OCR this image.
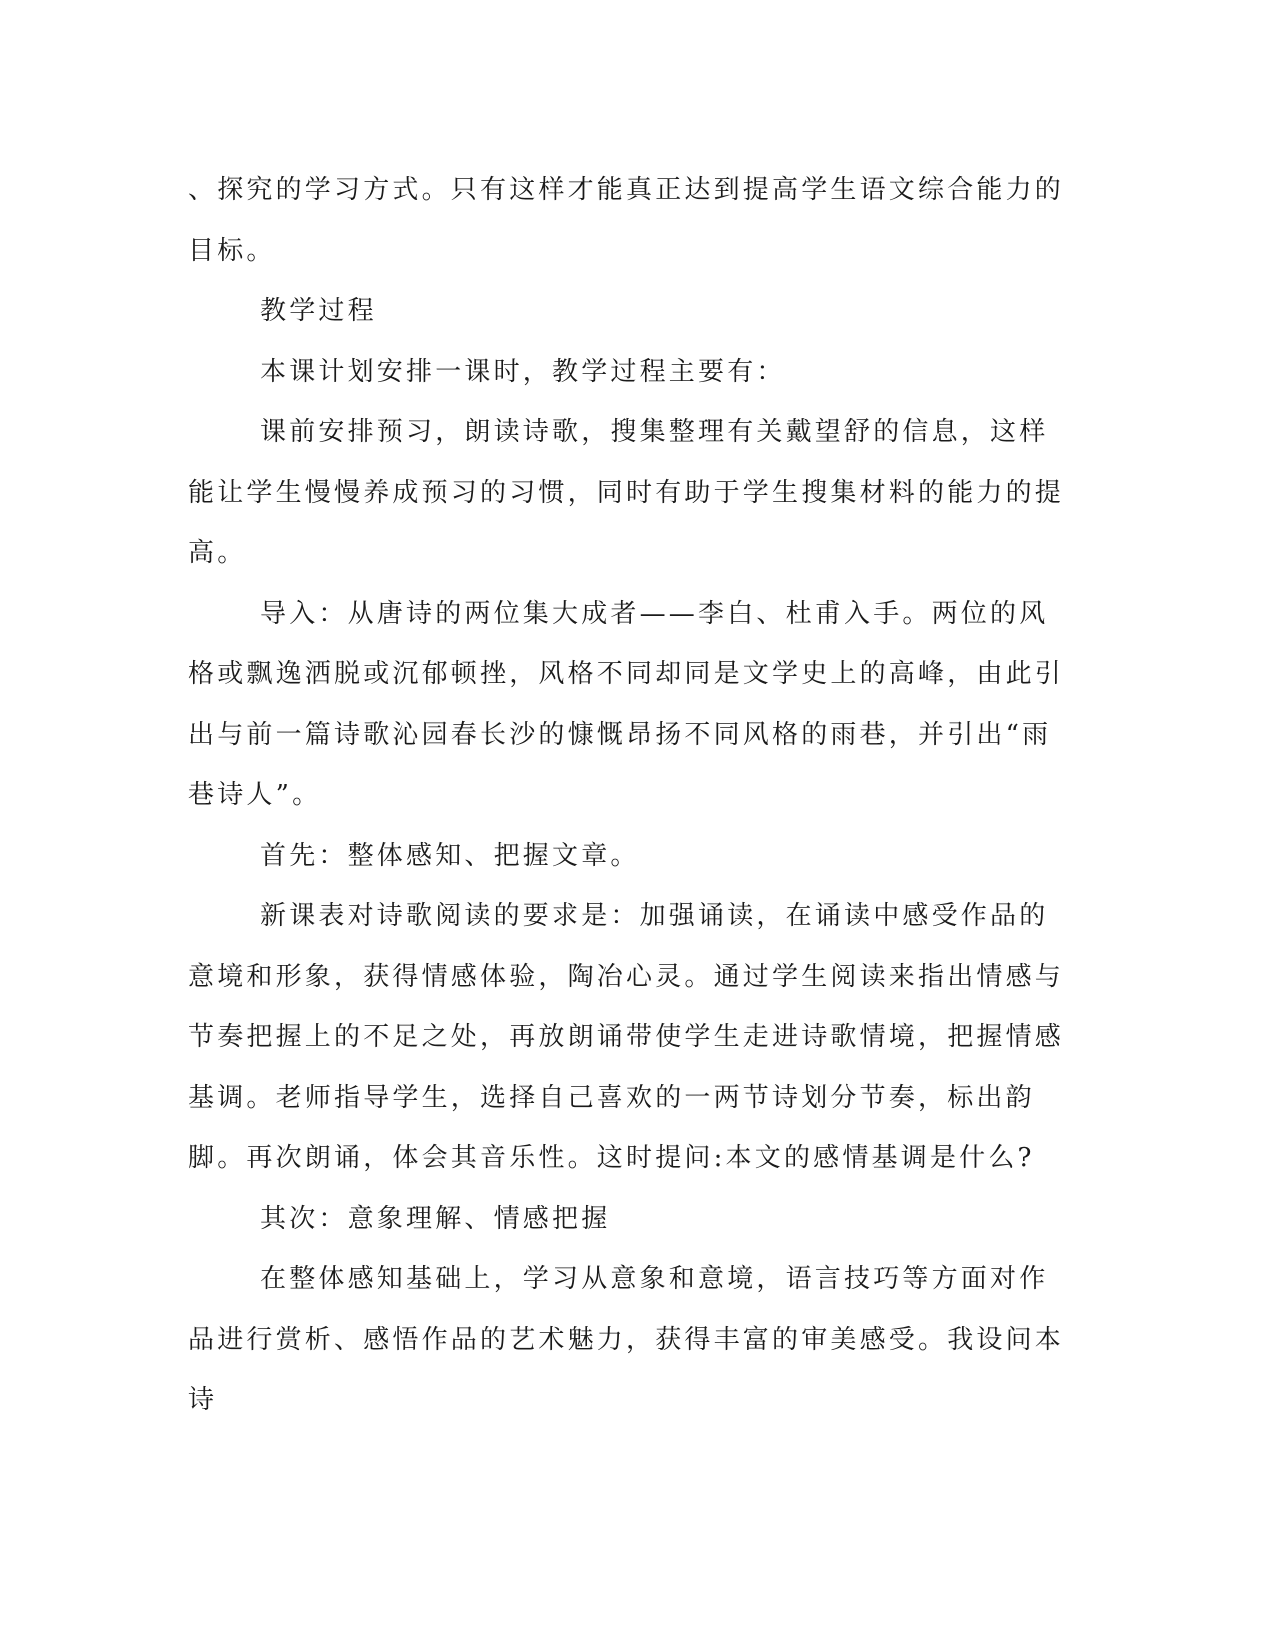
、探究的学习方式。只有这样才能真正达到提高学生语文综合能力的目标。

教学过程

本课计划安排一课时，教学过程主要有：

课前安排预习，朗读诗歌，搜集整理有关戴望舒的信息，这样能让学生慢慢养成预习的习惯，同时有助于学生搜集材料的能力的提高。

导入：从唐诗的两位集大成者——李白、杜甫入手。两位的风格或飘逸洒脱或沉郁顿挫，风格不同却同是文学史上的高峰，由此引出与前一篇诗歌沁园春长沙的慷慨昂扬不同风格的雨巷，并引出“雨巷诗人”。

首先：整体感知、把握文章。

新课表对诗歌阅读的要求是：加强诵读，在诵读中感受作品的意境和形象，获得情感体验，陶冶心灵。通过学生阅读来指出情感与节奏把握上的不足之处，再放朗诵带使学生走进诗歌情境，把握情感基调。老师指导学生，选择自己喜欢的一两节诗划分节奏，标出韵脚。再次朗诵，体会其音乐性。这时提问:本文的感情基调是什么?

其次：意象理解、情感把握

在整体感知基础上，学习从意象和意境，语言技巧等方面对作品进行赏析、感悟作品的艺术魅力，获得丰富的审美感受。我设问本诗
